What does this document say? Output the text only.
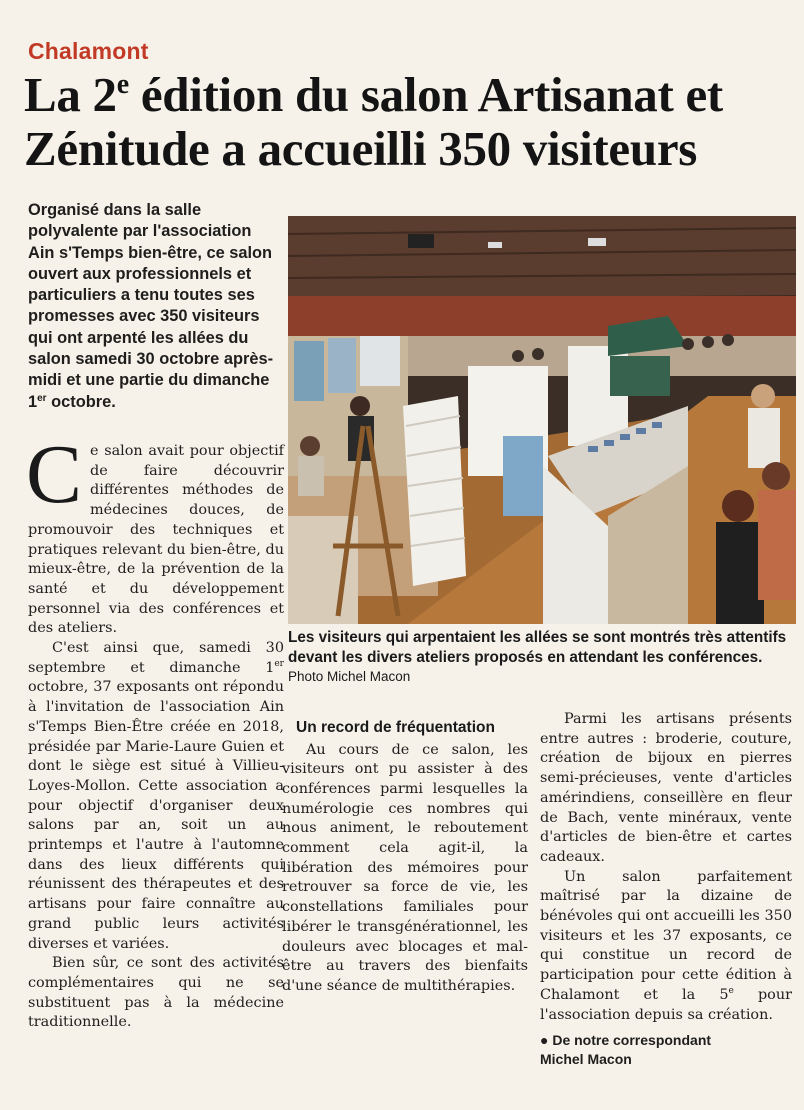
Chalamont
La 2e édition du salon Artisanat et Zénitude a accueilli 350 visiteurs
Organisé dans la salle polyvalente par l'association Ain s'Temps bien-être, ce salon ouvert aux professionnels et particuliers a tenu toutes ses promesses avec 350 visiteurs qui ont arpenté les allées du salon samedi 30 octobre après-midi et une partie du dimanche 1er octobre.
Les visiteurs qui arpentaient les allées se sont montrés très attentifs devant les divers ateliers proposés en attendant les conférences. Photo Michel Macon

Ce salon avait pour objectif de faire découvrir différentes méthodes de médecines douces, de promouvoir des techniques et pratiques relevant du bien-être, du mieux-être, de la prévention de la santé et du développement personnel via des conférences et des ateliers.

C'est ainsi que, samedi 30 septembre et dimanche 1er octobre, 37 exposants ont répondu à l'invitation de l'association Ain s'Temps Bien-Être créée en 2018, présidée par Marie-Laure Guien et dont le siège est situé à Villieu-Loyes-Mollon. Cette association a pour objectif d'organiser deux salons par an, soit un au printemps et l'autre à l'automne dans des lieux différents qui réunissent des thérapeutes et des artisans pour faire connaître au grand public leurs activités diverses et variées.

Bien sûr, ce sont des activités complémentaires qui ne se substituent pas à la médecine traditionnelle.

Un record de fréquentation

Au cours de ce salon, les visiteurs ont pu assister à des conférences parmi lesquelles la numérologie ces nombres qui nous animent, le reboutement comment cela agit-il, la libération des mémoires pour retrouver sa force de vie, les constellations familiales pour libérer le transgénérationnel, les douleurs avec blocages et mal-être au travers des bienfaits d'une séance de multithérapies.

Parmi les artisans présents entre autres : broderie, couture, création de bijoux en pierres semi-précieuses, vente d'articles amérindiens, conseillère en fleur de Bach, vente minéraux, vente d'articles de bien-être et cartes cadeaux.

Un salon parfaitement maîtrisé par la dizaine de bénévoles qui ont accueilli les 350 visiteurs et les 37 exposants, ce qui constitue un record de participation pour cette édition à Chalamont et la 5e pour l'association depuis sa création.

● De notre correspondant
Michel Macon
